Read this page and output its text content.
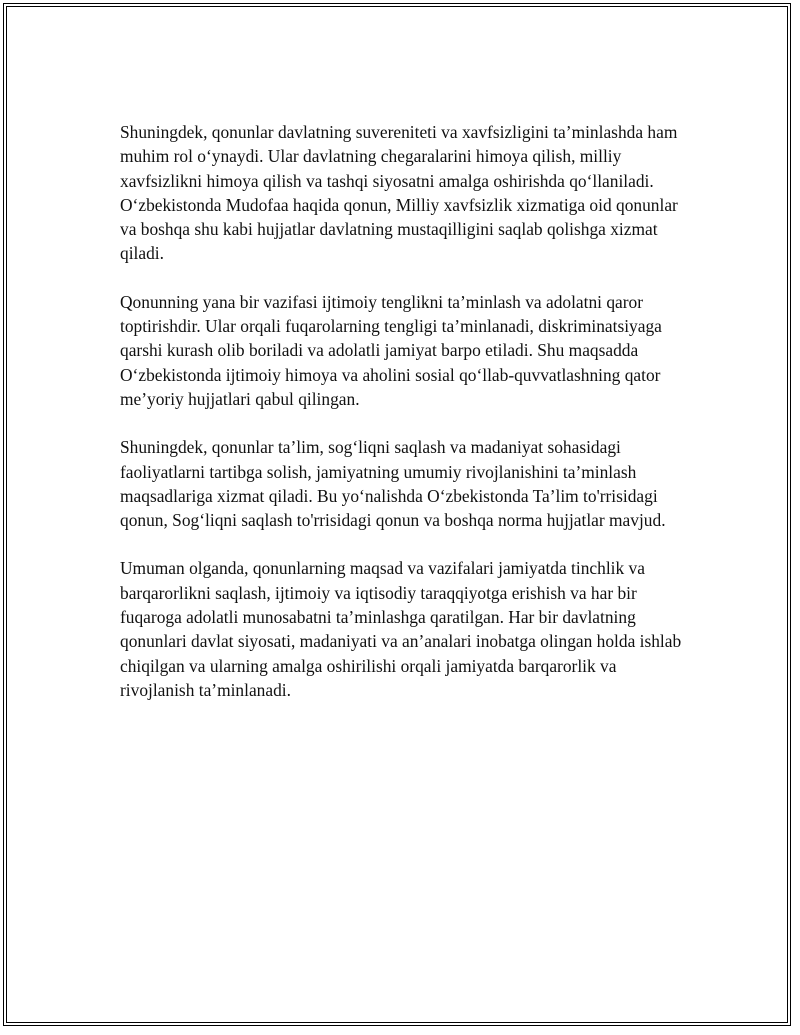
Shuningdek, qonunlar davlatning suvereniteti va xavfsizligini ta’minlashda ham muhim rol o‘ynaydi. Ular davlatning chegaralarini himoya qilish, milliy xavfsizlikni himoya qilish va tashqi siyosatni amalga oshirishda qo‘llaniladi. O‘zbekistonda Mudofaa haqida qonun, Milliy xavfsizlik xizmatiga oid qonunlar va boshqa shu kabi hujjatlar davlatning mustaqilligini saqlab qolishga xizmat qiladi.

Qonunning yana bir vazifasi ijtimoiy tenglikni ta’minlash va adolatni qaror toptirishdir. Ular orqali fuqarolarning tengligi ta’minlanadi, diskriminatsiyaga qarshi kurash olib boriladi va adolatli jamiyat barpo etiladi. Shu maqsadda O‘zbekistonda ijtimoiy himoya va aholini sosial qo‘llab-quvvatlashning qator me’yoriy hujjatlari qabul qilingan.

Shuningdek, qonunlar ta’lim, sog‘liqni saqlash va madaniyat sohasidagi faoliyatlarni tartibga solish, jamiyatning umumiy rivojlanishini ta’minlash maqsadlariga xizmat qiladi. Bu yo‘nalishda O‘zbekistonda Ta’lim to'rrisidagi qonun, Sog‘liqni saqlash to'rrisidagi qonun va boshqa norma hujjatlar mavjud.

Umuman olganda, qonunlarning maqsad va vazifalari jamiyatda tinchlik va barqarorlikni saqlash, ijtimoiy va iqtisodiy taraqqiyotga erishish va har bir fuqaroga adolatli munosabatni ta’minlashga qaratilgan. Har bir davlatning qonunlari davlat siyosati, madaniyati va an’analari inobatga olingan holda ishlab chiqilgan va ularning amalga oshirilishi orqali jamiyatda barqarorlik va rivojlanish ta’minlanadi.
